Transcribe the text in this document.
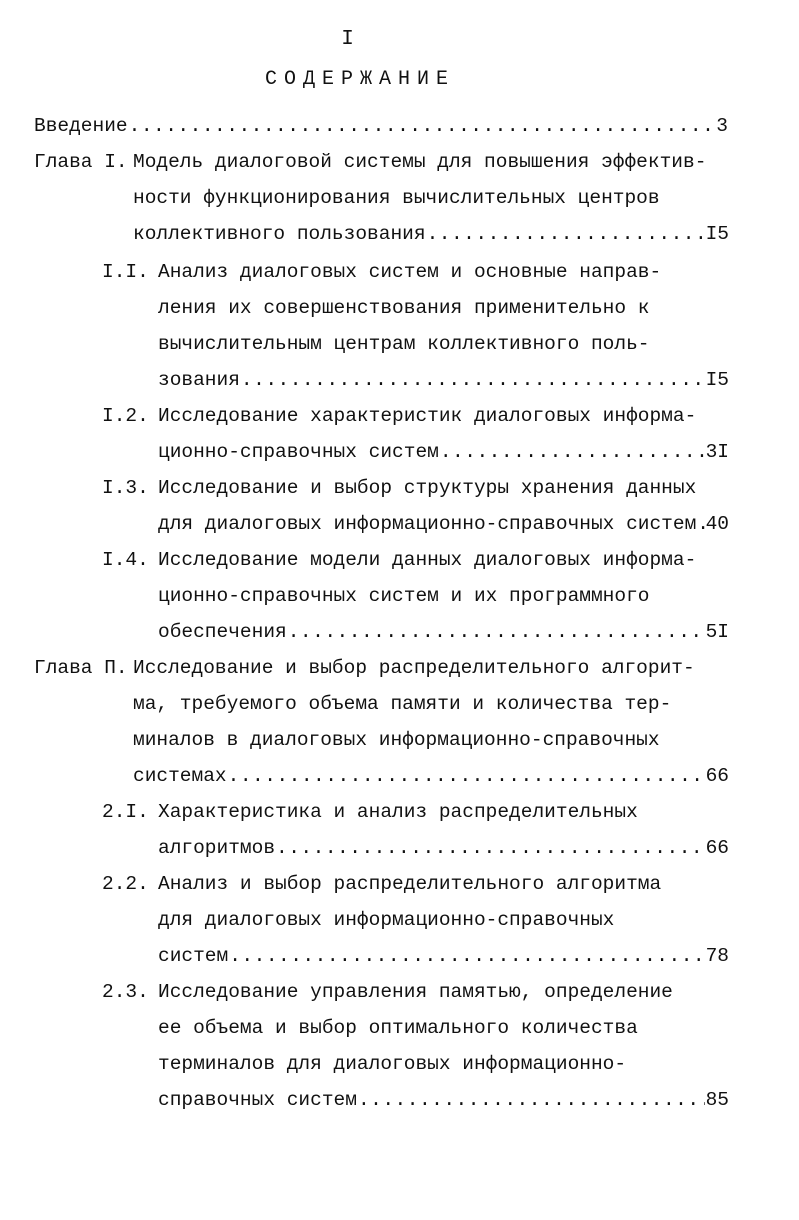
I
СОДЕРЖАНИЕ
Введение .....	3
Глава I. Модель диалоговой системы для повышения эффектив-
ности функционирования вычислительных центров
коллективного пользования .....	I5
I.I. Анализ диалоговых систем и основные направ-
ления их совершенствования применительно к
вычислительным центрам коллективного поль-
зования .....	I5
I.2. Исследование характеристик диалоговых информа-
ционно-справочных систем .....	3I
I.3. Исследование и выбор структуры хранения данных
для диалоговых информационно-справочных систем ..... 40
I.4. Исследование модели данных диалоговых информа-
ционно-справочных систем и их программного
обеспечения .....	5I
Глава П. Исследование и выбор распределительного алгорит-
ма, требуемого объема памяти и количества тер-
миналов в диалоговых информационно-справочных
системах .....	66
2.I. Характеристика и анализ распределительных
алгоритмов .....	66
2.2. Анализ и выбор распределительного алгоритма
для диалоговых информационно-справочных
систем .....	78
2.3. Исследование управления памятью, определение
ее объема и выбор оптимального количества
терминалов для диалоговых информационно-
справочных систем .....	85
